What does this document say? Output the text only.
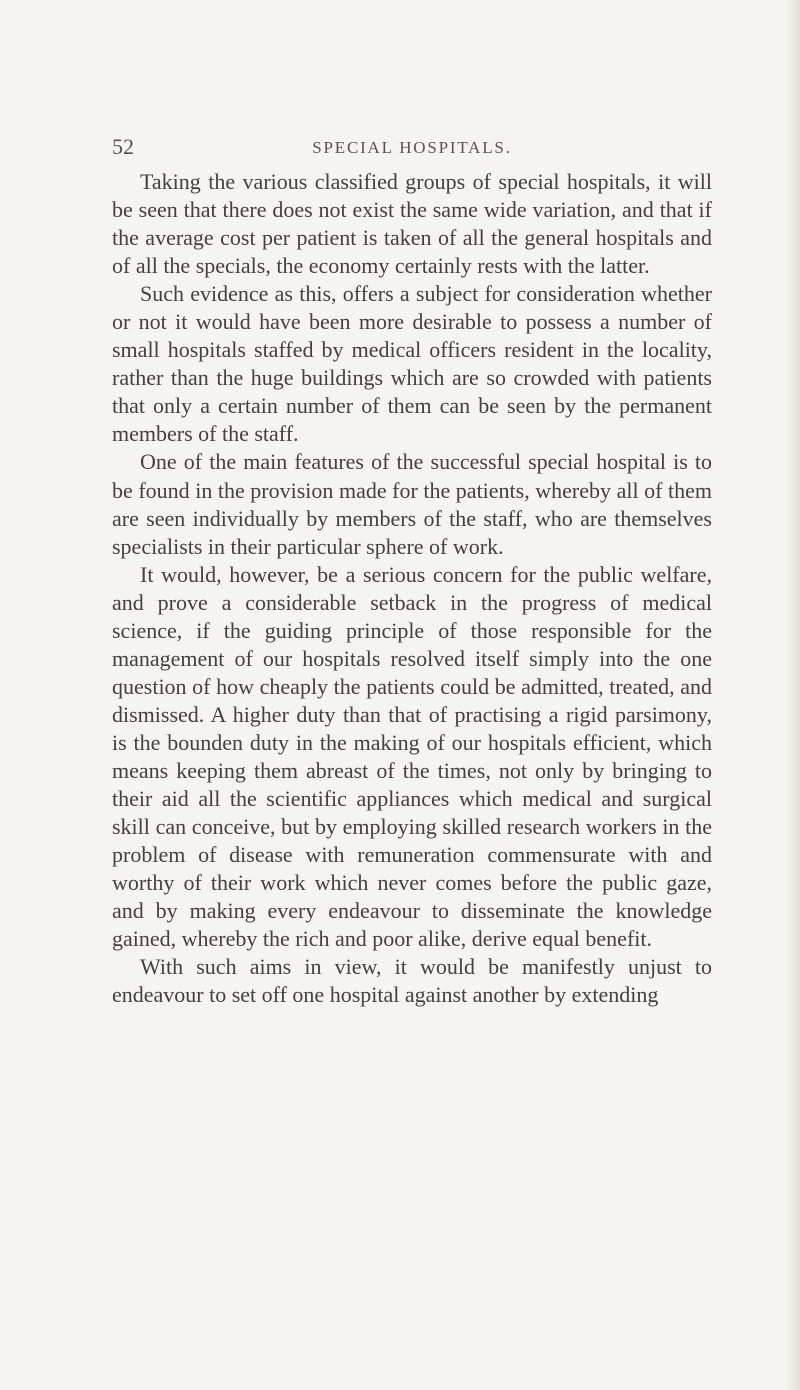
52	SPECIAL HOSPITALS.

Taking the various classified groups of special hospitals, it will be seen that there does not exist the same wide variation, and that if the average cost per patient is taken of all the general hospitals and of all the specials, the economy certainly rests with the latter.

Such evidence as this, offers a subject for consideration whether or not it would have been more desirable to possess a number of small hospitals staffed by medical officers resident in the locality, rather than the huge buildings which are so crowded with patients that only a certain number of them can be seen by the permanent members of the staff.

One of the main features of the successful special hospital is to be found in the provision made for the patients, whereby all of them are seen individually by members of the staff, who are themselves specialists in their particular sphere of work.

It would, however, be a serious concern for the public welfare, and prove a considerable setback in the progress of medical science, if the guiding principle of those responsible for the management of our hospitals resolved itself simply into the one question of how cheaply the patients could be admitted, treated, and dismissed. A higher duty than that of practising a rigid parsimony, is the bounden duty in the making of our hospitals efficient, which means keeping them abreast of the times, not only by bringing to their aid all the scientific appliances which medical and surgical skill can conceive, but by employing skilled research workers in the problem of disease with remuneration commensurate with and worthy of their work which never comes before the public gaze, and by making every endeavour to disseminate the knowledge gained, whereby the rich and poor alike, derive equal benefit.

With such aims in view, it would be manifestly unjust to endeavour to set off one hospital against another by extending
